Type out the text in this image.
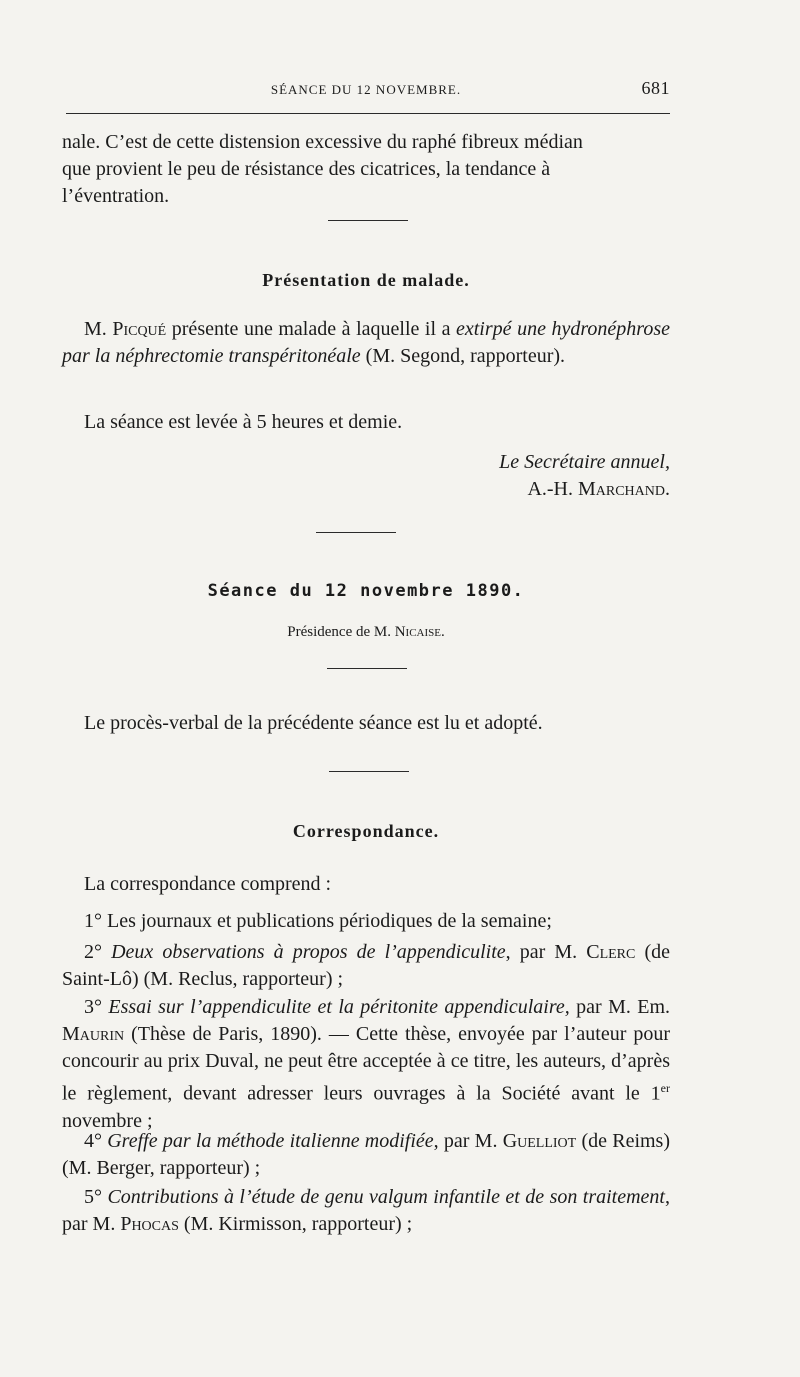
SÉANCE DU 12 NOVEMBRE.	681
nale. C’est de cette distension excessive du raphé fibreux médian
que provient le peu de résistance des cicatrices, la tendance à
l’éventration.
Présentation de malade.
M. Picqué présente une malade à laquelle il a extirpé une hydronéphrose par la néphrectomie transpéritonéale (M. Segond, rapporteur).
La séance est levée à 5 heures et demie.
Le Secrétaire annuel,
A.-H. Marchand.
Séance du 12 novembre 1890.
Présidence de M. Nicaise.
Le procès-verbal de la précédente séance est lu et adopté.
Correspondance.
La correspondance comprend :
1° Les journaux et publications périodiques de la semaine;
2° Deux observations à propos de l’appendiculite, par M. Clerc (de Saint-Lô) (M. Reclus, rapporteur) ;
3° Essai sur l’appendiculite et la péritonite appendiculaire, par M. Em. Maurin (Thèse de Paris, 1890). — Cette thèse, envoyée par l’auteur pour concourir au prix Duval, ne peut être acceptée à ce titre, les auteurs, d’après le règlement, devant adresser leurs ouvrages à la Société avant le 1er novembre ;
4° Greffe par la méthode italienne modifiée, par M. Guelliot (de Reims) (M. Berger, rapporteur) ;
5° Contributions à l’étude de genu valgum infantile et de son traitement, par M. Phocas (M. Kirmisson, rapporteur) ;
